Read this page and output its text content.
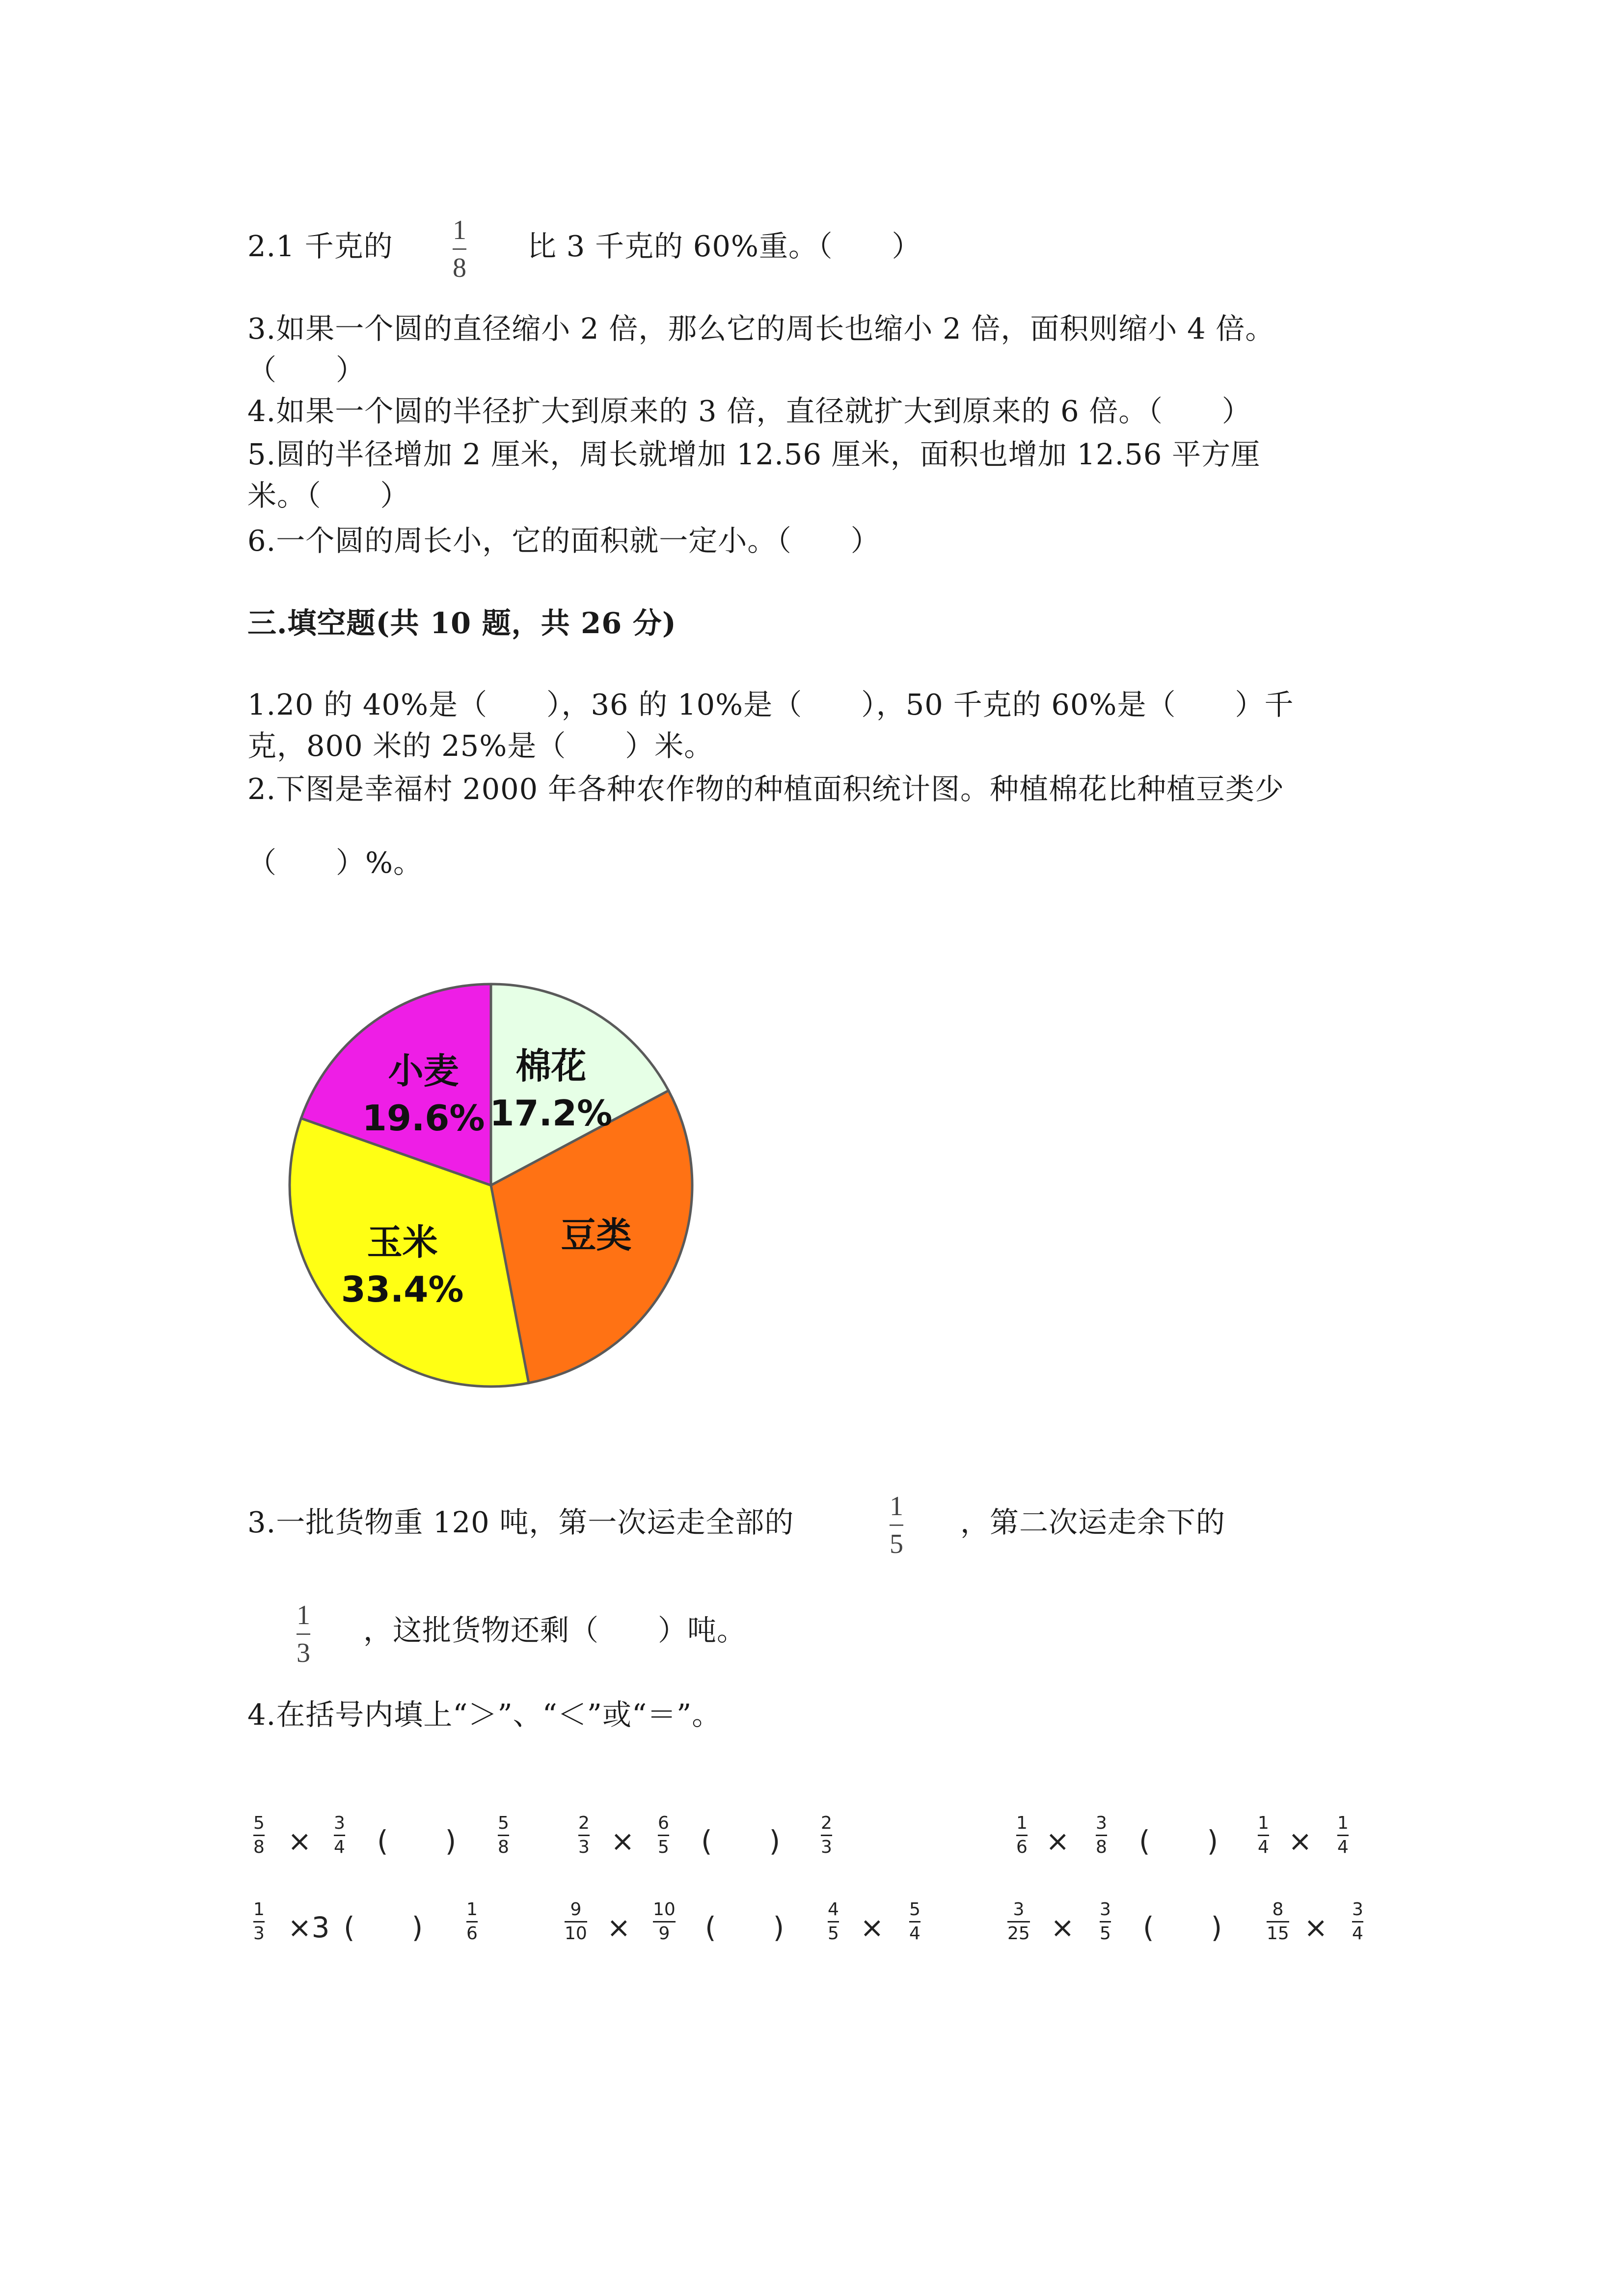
2.1 千克的 1
8
比 3 千克的 60%重。（　　）
3.如果一个圆的直径缩小 2 倍，那么它的周长也缩小 2 倍，面积则缩小 4 倍。
（　　）
4.如果一个圆的半径扩大到原来的 3 倍，直径就扩大到原来的 6 倍。（　　）
5.圆的半径增加 2 厘米，周长就增加 12.56 厘米，面积也增加 12.56 平方厘
米。（　　）
6.一个圆的周长小，它的面积就一定小。（　　）
三.填空题(共 10 题，共 26 分)
1.20 的 40%是（　　），36 的 10%是（　　），50 千克的 60%是（　　）千
克，800 米的 25%是（　　）米。
2.下图是幸福村 2000 年各种农作物的种植面积统计图。种植棉花比种植豆类少
（　　）%。
棉花
17.2%
豆类
玉米
33.4%
小麦
19.6%
3.一批货物重 120 吨，第一次运走全部的	1
5
，第二次运走余下的
1
3
，这批货物还剩（　　）吨。
4.在括号内填上“＞”、“＜”或“＝”。
5
8 ×
3
4 (　　)
5
8
2
3 ×
6
5 (　　)
2
3
1
6 ×
3
8 (　　)
1
4 ×
1
4
1
3 ×3 (　　)
1
6
9
10 ×
10
9 (　　)
4
5 ×
5
4
3
25 ×
3
5 (　　)
8
15 ×
3
4
